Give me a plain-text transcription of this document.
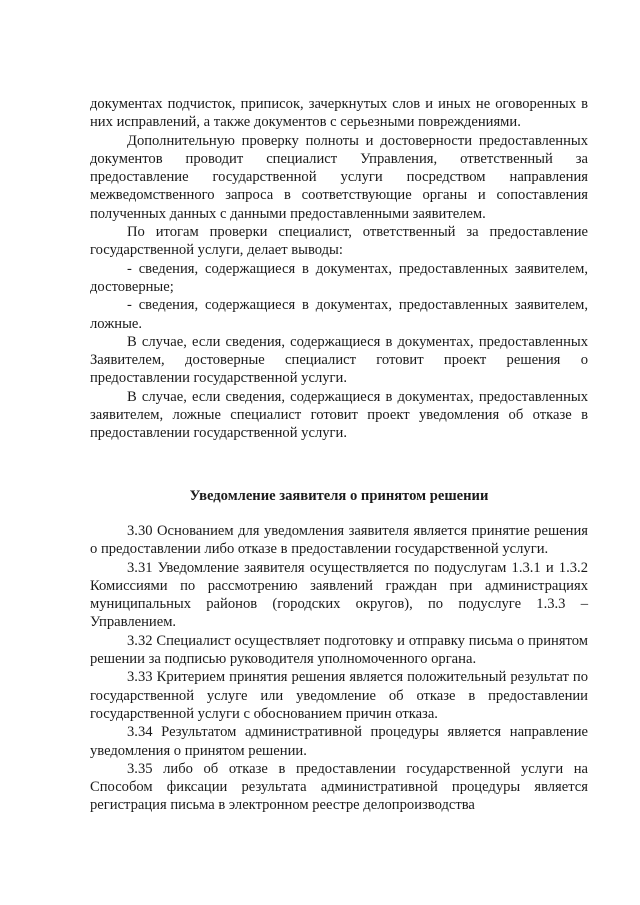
документах подчисток, приписок, зачеркнутых слов и иных не оговоренных в них исправлений, а также документов с серьезными повреждениями.

Дополнительную проверку полноты и достоверности предоставленных документов проводит специалист Управления, ответственный за предоставление государственной услуги посредством направления межведомственного запроса в соответствующие органы и сопоставления полученных данных с данными предоставленными заявителем.

По итогам проверки специалист, ответственный за предоставление государственной услуги, делает выводы:

- сведения, содержащиеся в документах, предоставленных заявителем, достоверные;

- сведения, содержащиеся в документах, предоставленных заявителем, ложные.

В случае, если сведения, содержащиеся в документах, предоставленных Заявителем, достоверные специалист готовит проект решения о предоставлении государственной услуги.

В случае, если сведения, содержащиеся в документах, предоставленных заявителем, ложные специалист готовит проект уведомления об отказе в предоставлении государственной услуги.

Уведомление заявителя о принятом решении

3.30 Основанием для уведомления заявителя является принятие решения о предоставлении либо отказе в предоставлении государственной услуги.

3.31 Уведомление заявителя осуществляется по подуслугам 1.3.1 и 1.3.2 Комиссиями по рассмотрению заявлений граждан при администрациях муниципальных районов (городских округов), по подуслуге 1.3.3 – Управлением.

3.32 Специалист осуществляет подготовку и отправку письма о принятом решении за подписью руководителя уполномоченного органа.

3.33 Критерием принятия решения является положительный результат по государственной услуге или уведомление об отказе в предоставлении государственной услуги с обоснованием причин отказа.

3.34 Результатом административной процедуры является направление уведомления о принятом решении.

3.35 либо об отказе в предоставлении государственной услуги на Способом фиксации результата административной процедуры является регистрация письма в электронном реестре делопроизводства
